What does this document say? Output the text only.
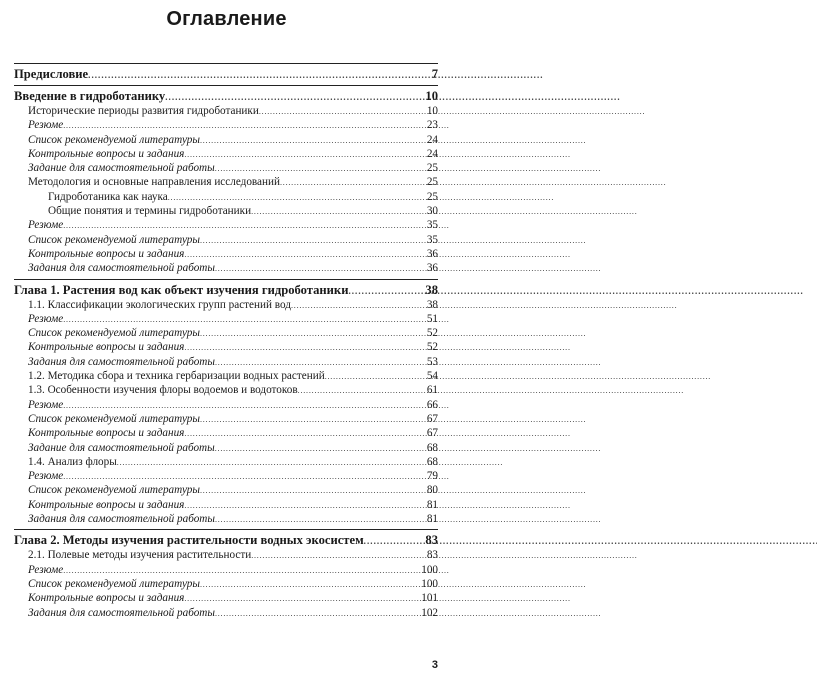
Оглавление
Предисловие . . .	7
Введение в гидроботанику . . .	10
Исторические периоды развития гидроботаники . . .	10
Резюме . . .	23
Список рекомендуемой литературы . . .	24
Контрольные вопросы и задания . . .	24
Задание для самостоятельной работы . . .	25
Методология и основные направления исследований . . .	25
Гидроботаника как наука . . .	25
Общие понятия и термины гидроботаники . . .	30
Резюме . . .	35
Список рекомендуемой литературы . . .	35
Контрольные вопросы и задания . . .	36
Задания для самостоятельной работы . . .	36
Глава 1. Растения вод как объект изучения гидроботаники . . .	38
1.1. Классификации экологических групп растений вод . . .	38
Резюме . . .	51
Список рекомендуемой литературы . . .	52
Контрольные вопросы и задания . . .	52
Задания для самостоятельной работы . . .	53
1.2. Методика сбора и техника гербаризации водных растений . . .	54
1.3. Особенности изучения флоры водоемов и водотоков . . .	61
Резюме . . .	66
Список рекомендуемой литературы . . .	67
Контрольные вопросы и задания . . .	67
Задание для самостоятельной работы . . .	68
1.4. Анализ флоры . . .	68
Резюме . . .	79
Список рекомендуемой литературы . . .	80
Контрольные вопросы и задания . . .	81
Задания для самостоятельной работы . . .	81
Глава 2. Методы изучения растительности водных экосистем . . .	83
2.1. Полевые методы изучения растительности . . .	83
Резюме . . .	100
Список рекомендуемой литературы . . .	100
Контрольные вопросы и задания . . .	101
Задания для самостоятельной работы . . .	102
3
